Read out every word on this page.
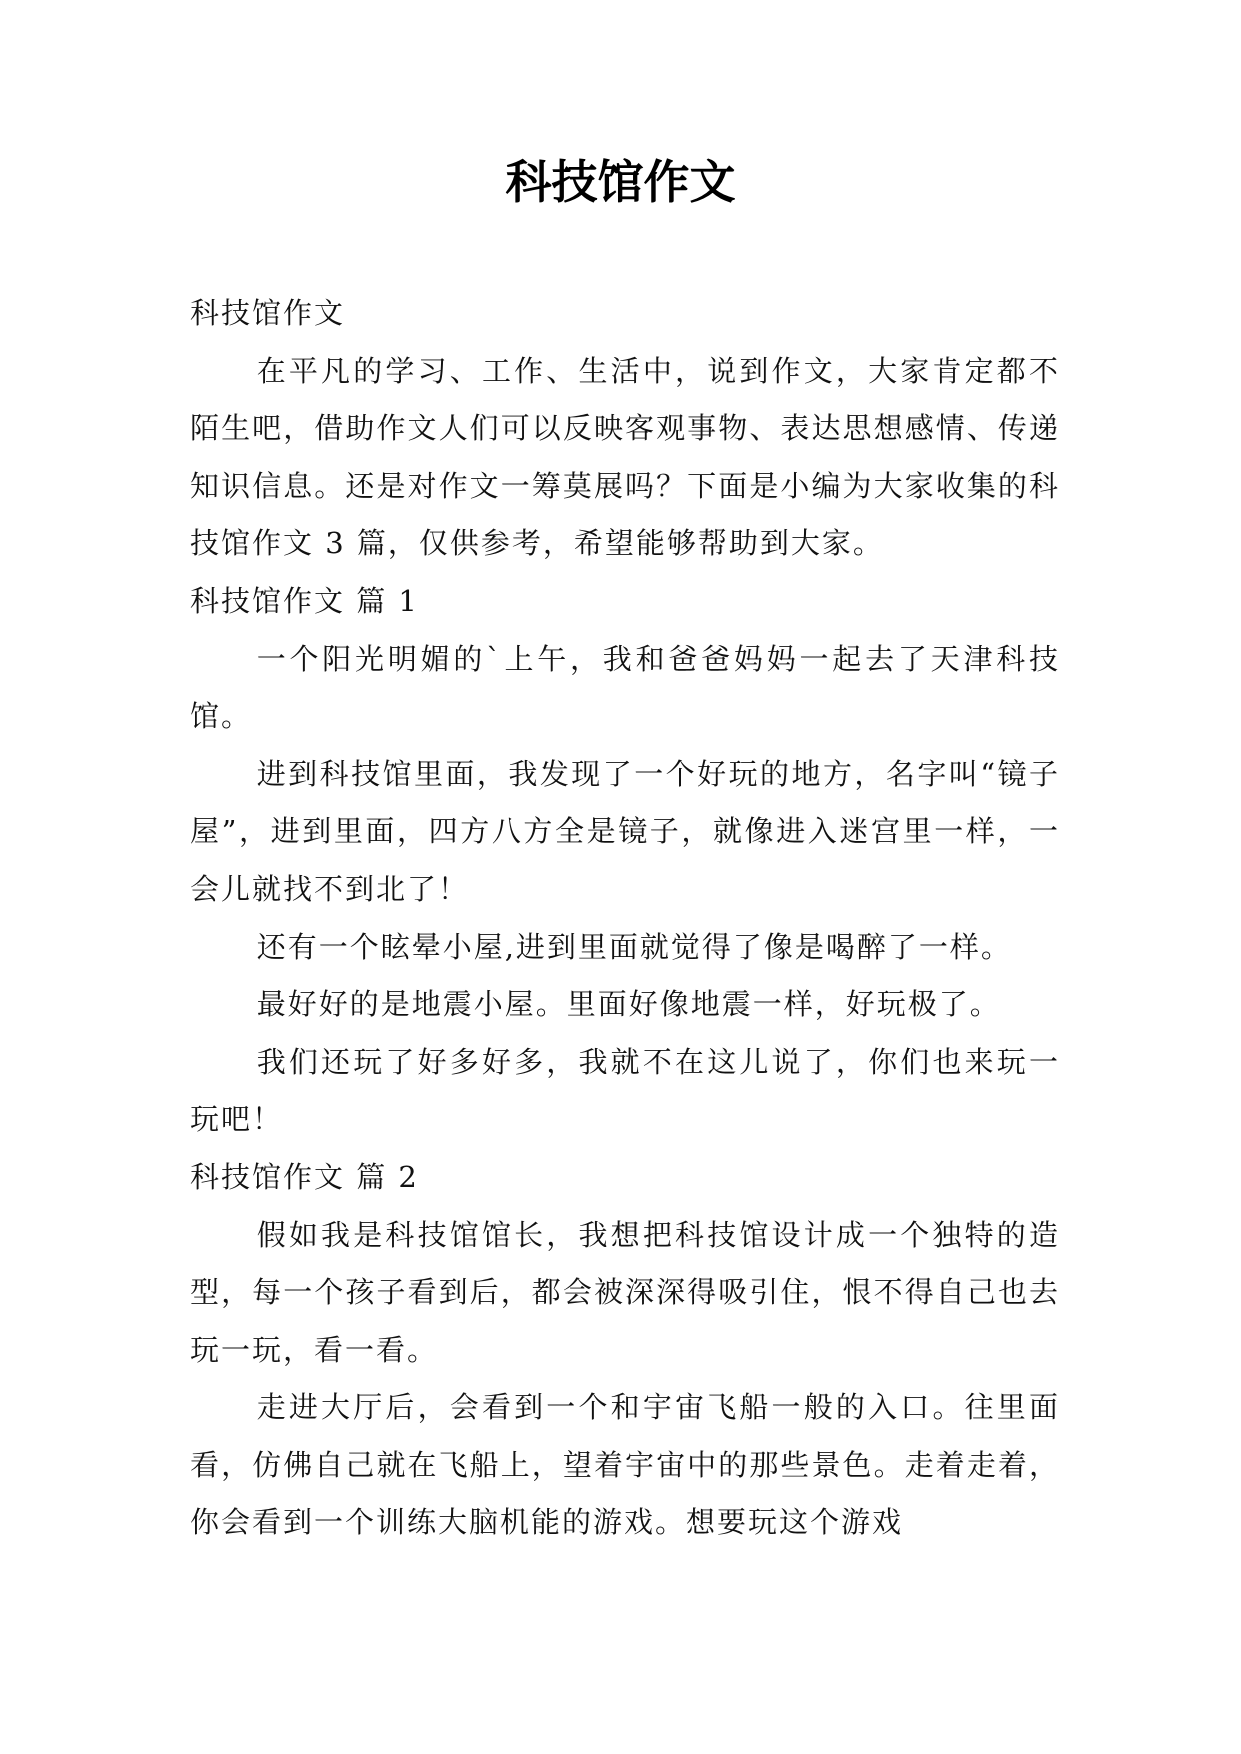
科技馆作文

科技馆作文

在平凡的学习、工作、生活中，说到作文，大家肯定都不陌生吧，借助作文人们可以反映客观事物、表达思想感情、传递知识信息。还是对作文一筹莫展吗？下面是小编为大家收集的科技馆作文 3 篇，仅供参考，希望能够帮助到大家。

科技馆作文 篇 1

一个阳光明媚的`上午，我和爸爸妈妈一起去了天津科技馆。

进到科技馆里面，我发现了一个好玩的地方，名字叫“镜子屋”，进到里面，四方八方全是镜子，就像进入迷宫里一样，一会儿就找不到北了！

还有一个眩晕小屋,进到里面就觉得了像是喝醉了一样。

最好好的是地震小屋。里面好像地震一样，好玩极了。

我们还玩了好多好多，我就不在这儿说了，你们也来玩一玩吧！

科技馆作文 篇 2

假如我是科技馆馆长，我想把科技馆设计成一个独特的造型，每一个孩子看到后，都会被深深得吸引住，恨不得自己也去玩一玩，看一看。

走进大厅后，会看到一个和宇宙飞船一般的入口。往里面看，仿佛自己就在飞船上，望着宇宙中的那些景色。走着走着，你会看到一个训练大脑机能的游戏。想要玩这个游戏
